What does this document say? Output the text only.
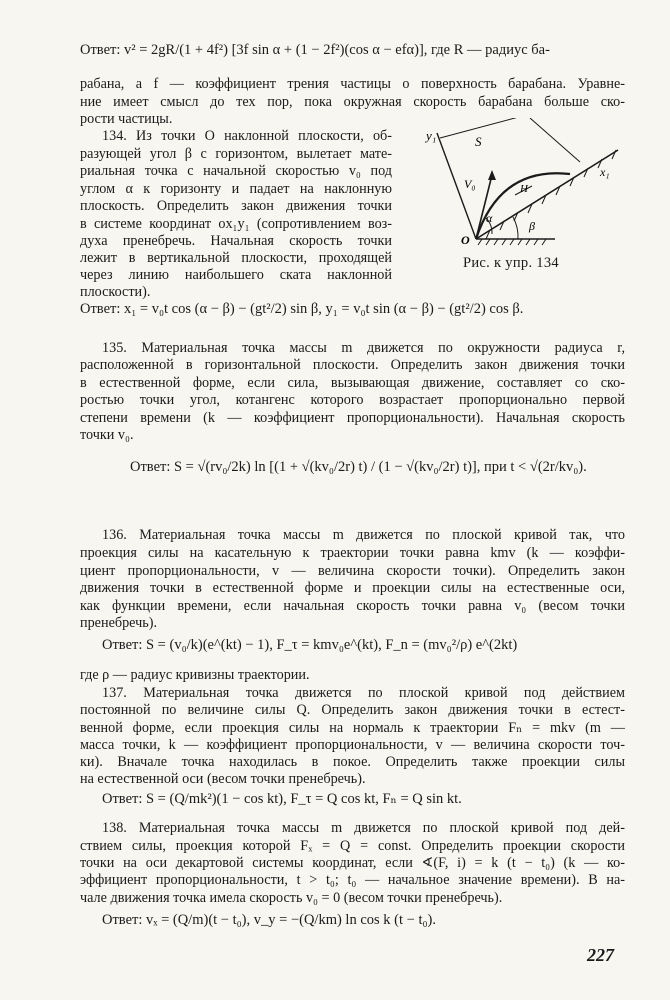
Ответ: v² = 2gR/(1 + 4f²) [3f sin α + (1 − 2f²)(cos α − efα)], где R — радиус ба-
рабана, а f — коэффициент трения частицы о поверхность барабана. Уравне-
ние имеет смысл до тех пор, пока окружная скорость барабана больше ско-
рости частицы.
134. Из точки O наклонной плоскости, об-
разующей угол β с горизонтом, вылетает мате-
риальная точка с начальной скоростью v₀ под
углом α к горизонту и падает на наклонную
плоскость. Определить закон движения точки
в системе координат ox₁y₁ (сопротивлением воз-
духа пренебречь. Начальная скорость точки
лежит в вертикальной плоскости, проходящей
через линию наибольшего ската наклонной
плоскости).
y₁	S
V₀	H
x₁
α
β
O
Рис. к упр. 134
Ответ: x₁ = v₀t cos (α − β) − (gt²/2) sin β, y₁ = v₀t sin (α − β) − (gt²/2) cos β.
135. Материальная точка массы m движется по окружности радиуса r,
расположенной в горизонтальной плоскости. Определить закон движения точки
в естественной форме, если сила, вызывающая движение, составляет со ско-
ростью точки угол, котангенс которого возрастает пропорционально первой
степени времени (k — коэффициент пропорциональности). Начальная скорость
точки v₀.
Ответ: S = √(rv₀/2k) ln [(1 + √(kv₀/2r) t) / (1 − √(kv₀/2r) t)], при t < √(2r/kv₀).
136. Материальная точка массы m движется по плоской кривой так, что
проекция силы на касательную к траектории точки равна kmv (k — коэффи-
циент пропорциональности, v — величина скорости точки). Определить закон
движения точки в естественной форме и проекции силы на естественные оси,
как функции времени, если начальная скорость точки равна v₀ (весом точки
пренебречь).
Ответ: S = (v₀/k)(e^(kt) − 1), F_τ = kmv₀e^(kt), F_n = (mv₀²/ρ) e^(2kt)
где ρ — радиус кривизны траектории.
137. Материальная точка движется по плоской кривой под действием
постоянной по величине силы Q. Определить закон движения точки в естест-
венной форме, если проекция силы на нормаль к траектории Fₙ = mkv (m —
масса точки, k — коэффициент пропорциональности, v — величина скорости точ-
ки). Вначале точка находилась в покое. Определить также проекции силы
на естественной оси (весом точки пренебречь).
Ответ: S = (Q/mk²)(1 − cos kt), F_τ = Q cos kt, Fₙ = Q sin kt.
138. Материальная точка массы m движется по плоской кривой под дей-
ствием силы, проекция которой Fₓ = Q = const. Определить проекции скорости
точки на оси декартовой системы координат, если ∢(F, i) = k (t − t₀) (k — ко-
эффициент пропорциональности, t > t₀; t₀ — начальное значение времени). В на-
чале движения точка имела скорость v₀ = 0 (весом точки пренебречь).
Ответ: vₓ = (Q/m)(t − t₀), v_y = −(Q/km) ln cos k (t − t₀).
227
